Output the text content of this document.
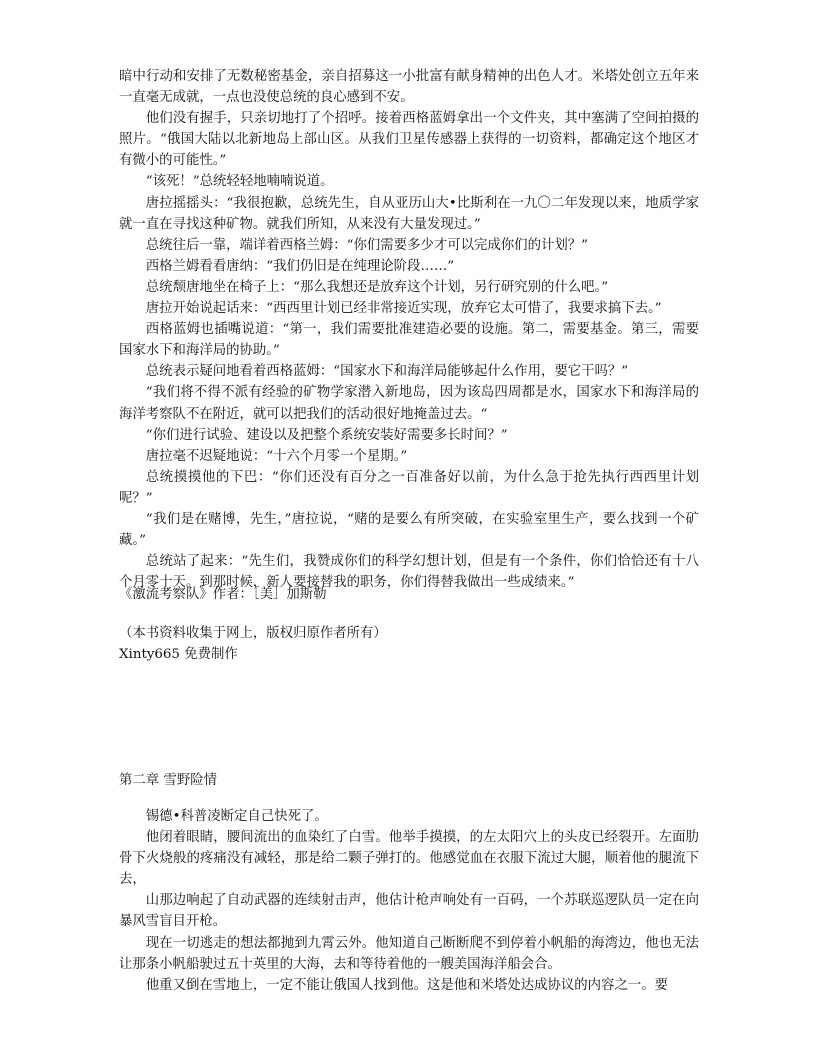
暗中行动和安排了无数秘密基金，亲自招募这一小批富有献身精神的出色人才。米塔处创立五年来一直毫无成就，一点也没使总统的良心感到不安。

他们没有握手，只亲切地打了个招呼。接着西格蓝姆拿出一个文件夹，其中塞满了空间拍摄的照片。“俄国大陆以北新地岛上部山区。从我们卫星传感器上获得的一切资料，都确定这个地区才有微小的可能性。”

“该死！”总统轻轻地喃喃说道。

唐拉摇摇头：“我很抱歉，总统先生，自从亚历山大•比斯利在一九〇二年发现以来，地质学家就一直在寻找这种矿物。就我们所知，从来没有大量发现过。”

总统往后一靠，端详着西格兰姆：“你们需要多少才可以完成你们的计划？”

西格兰姆看看唐纳：“我们仍旧是在纯理论阶段……”

总统颓唐地坐在椅子上：“那么我想还是放弃这个计划，另行研究别的什么吧。”

唐拉开始说起话来：“西西里计划已经非常接近实现，放弃它太可惜了，我要求搞下去。”

西格蓝姆也插嘴说道：“第一，我们需要批准建造必要的设施。第二，需要基金。第三，需要国家水下和海洋局的协助。”

总统表示疑问地看着西格蓝姆：“国家水下和海洋局能够起什么作用，要它干吗？”

“我们将不得不派有经验的矿物学家潜入新地岛，因为该岛四周都是水，国家水下和海洋局的海洋考察队不在附近，就可以把我们的活动很好地掩盖过去。“

“你们进行试验、建设以及把整个系统安装好需要多长时间？”

唐拉毫不迟疑地说：“十六个月零一个星期。”

总统摸摸他的下巴：“你们还没有百分之一百准备好以前，为什么急于抢先执行西西里计划呢？”

“我们是在赌博，先生，”唐拉说，“赌的是要么有所突破，在实验室里生产，要么找到一个矿藏。”

总统站了起来：“先生们，我赞成你们的科学幻想计划，但是有一个条件，你们恰恰还有十八个月零十天。到那时候，新人要接替我的职务，你们得替我做出一些成绩来。”

《激流考察队》作者：［美］加斯勒

（本书资料收集于网上，版权归原作者所有）

Xinty665 免费制作

第二章 雪野险情

锡德•科普凌断定自己快死了。

他闭着眼睛，腰间流出的血染红了白雪。他举手摸摸，的左太阳穴上的头皮已经裂开。左面肋骨下火烧般的疼痛没有减轻，那是给二颗子弹打的。他感觉血在衣服下流过大腿，顺着他的腿流下去，

山那边响起了自动武器的连续射击声，他估计枪声响处有一百码，一个苏联巡逻队员一定在向暴风雪盲目开枪。

现在一切逃走的想法都抛到九霄云外。他知道自己断断爬不到停着小帆船的海湾边，他也无法让那条小帆船驶过五十英里的大海，去和等待着他的一艘美国海洋船会合。

他重又倒在雪地上，一定不能让俄国人找到他。这是他和米塔处达成协议的内容之一。要
